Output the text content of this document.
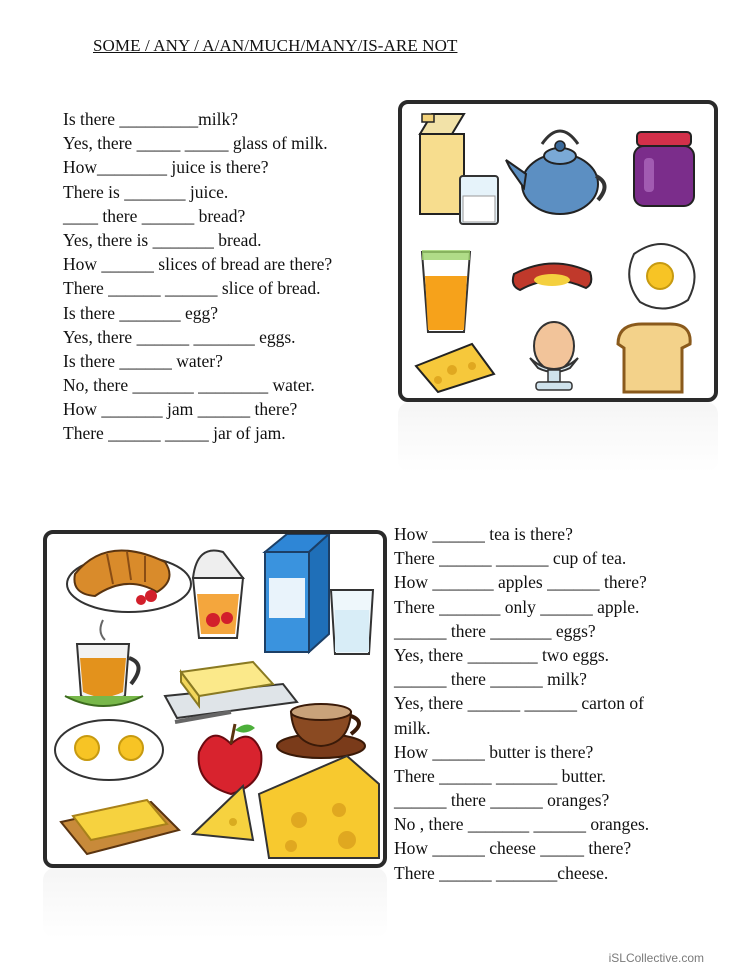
SOME / ANY / A/AN/MUCH/MANY/IS-ARE NOT
Is there _________milk?
Yes, there _____ _____ glass of milk.
How________ juice is there?
There is _______ juice.
____ there ______ bread?
Yes, there is _______ bread.
How ______ slices of bread are there?
There ______ ______ slice of bread.
Is there _______ egg?
Yes, there ______ _______ eggs.
Is there ______ water?
No, there _______ ________ water.
How _______ jam ______ there?
There ______ _____ jar of jam.
How ______ tea is there?
There ______ ______ cup of tea.
How _______ apples ______ there?
There _______ only ______ apple.
______ there _______ eggs?
Yes, there ________ two eggs.
______ there ______ milk?
Yes, there ______ ______ carton of
milk.
How ______ butter is there?
There ______ _______ butter.
______ there ______ oranges?
No , there _______ ______ oranges.
How ______ cheese _____ there?
There ______ _______cheese.
iSLCollective.com
